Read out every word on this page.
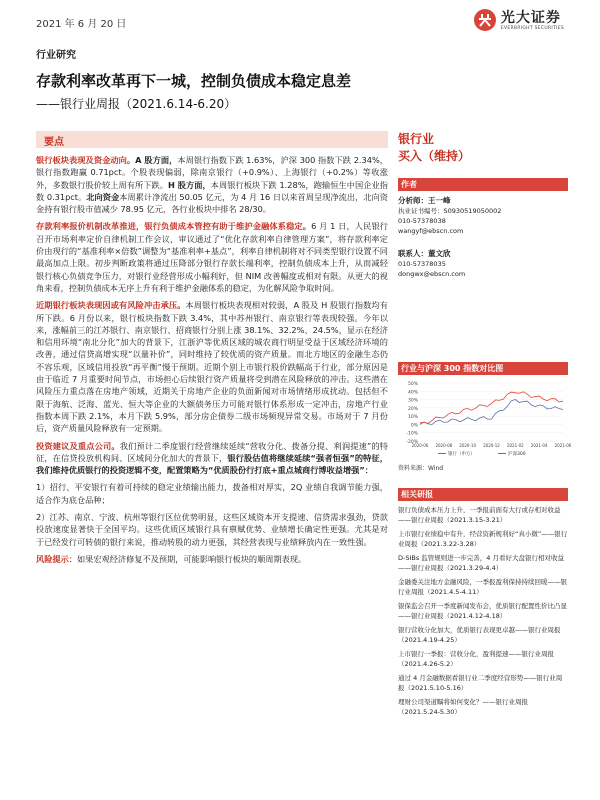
2021 年 6 月 20 日	光大证券
EVERBRIGHT SECURITIES
行业研究
存款利率改革再下一城，控制负债成本稳定息差
——银行业周报（2021.6.14-6.20）
要点

银行板块表现及资金动向。A 股方面，本周银行指数下跌 1.63%，沪深 300 指数下跌 2.34%，银行指数跑赢 0.71pct。个股表现偏弱，除南京银行（+0.9%）、上海银行（+0.2%）等收涨外，多数银行股价较上周有所下跌。H 股方面，本周银行板块下跌 1.28%，跑输恒生中国企业指数 0.31pct。北向资金本周累计净流出 50.05 亿元，为 4 月 16 日以来首周呈现净流出，北向资金持有银行股市值减少 78.95 亿元，各行业板块中排名 28/30。

存款利率报价机制改革推进，银行负债成本管控有助于维护金融体系稳定。6 月 1 日，人民银行召开市场利率定价自律机制工作会议，审议通过了“优化存款利率自律管理方案”，将存款利率定价由现行的“基准利率×倍数”调整为“基准利率+基点”，利率自律机制将对不同类型银行设置不同最高加点上限。初步判断政策将通过压降部分银行存款长端利率，控制负债成本上升，从而减轻银行核心负债竞争压力，对银行业经营形成小幅利好，但 NIM 改善幅度或相对有限。从更大的视角来看，控制负债成本无序上升有利于维护金融体系的稳定，为化解风险争取时间。

近期银行板块表现因或有风险冲击承压。本周银行板块表现相对较弱，A 股及 H 股银行指数均有所下跌。6 月份以来，银行板块指数下跌 3.4%，其中苏州银行、南京银行等表现较强。今年以来，涨幅前三的江苏银行、南京银行、招商银行分别上涨 38.1%、32.2%、24.5%，显示在经济和信用环境“南北分化”加大的背景下，江浙沪等优质区域的城农商行明显受益于区域经济环境的改善，通过信贷高增实现“以量补价”，同时维持了较优质的资产质量。而北方地区的金融生态仍不容乐观，区域信用投放“再平衡”慢于预期。近期个别上市银行股价跌幅高于行业，部分原因是由于临近 7 月重要时间节点，市场担心后续银行资产质量将受到潜在风险释放的冲击。这些潜在风险压力重点落在房地产领域，近期关于房地产企业的负面新闻对市场情绪形成扰动。包括但不限于海航、泛海、蓝光、恒大等企业的大额债务压力可能对银行体系形成一定冲击，房地产行业指数本周下跌 2.1%，本月下跌 5.9%，部分房企债券二级市场频现异常交易。市场对于 7 月份后，资产质量风险释放有一定预期。

投资建议及重点公司。我们预计二季度银行经营继续延续“营收分化、拨备分提、利润提速”的特征，在信贷投放机构间、区域间分化加大的背景下，银行股估值将继续延续“强者恒强”的特征，我们维持优质银行的投资逻辑不变，配置策略为“优质股份行打底+重点城商行博收益增强”：

1）招行、平安银行有着可持续的稳定业绩输出能力，拨备相对厚实，2Q 业绩自我调节能力强，适合作为底仓品种；

2）江苏、南京、宁波、杭州等银行区位优势明显，这些区域资本开支提速、信贷需求强劲，贷款投放速度显著快于全国平均。这些优质区域银行具有禀赋优势、业绩增长确定性更强。尤其是对于已经发行可转债的银行来说，推动转股的动力更强，其经营表现与业绩释放内在一致性强。

风险提示：如果宏观经济修复不及预期，可能影响银行板块的顺周期表现。

银行业
买入（维持）
作者
分析师：王一峰
执业证书编号：S0930519050002
010-57378038
wangyf@ebscn.com
联系人：董文欣
010-57378035
dongwx@ebscn.com
行业与沪深 300 指数对比图
-20%
-10%
0%
10%
20%
30%
40%
50%
2020-06 2020-08 2020-10 2020-12 2021-02 2021-04 2021-06
银行（申万）	沪深300
资料来源：Wind
相关研报
银行负债成本压力上升，一季报前面有大行或存相对收益——银行业周报（2021.3.15-3.21）
上市银行业绩稳中有升，经营资新规利好“真小微”——银行业周报（2021.3.22-3.28）
D-SIBs 监管规则进一步完善，4 月看好大盘银行相对收益——银行业周报（2021.3.29-4.4）
金融委关注地方金融风险，一季报盈利保持持续回暖——银行业周报（2021.4.5-4.11）
银保监会召开一季度新闻发布会，优质银行配置性价比凸显——银行业周报（2021.4.12-4.18）
银行营收分化加大，优质银行表现更卓越——银行业周报（2021.4.19-4.25）
上市银行一季报：营收分化，盈利提速——银行业周报（2021.4.26-5.2）
通过 4 月金融数据看银行业二季度经营形势——银行业周报（2021.5.10-5.16）
理财公司渠道瞩将如何变化？——银行业周报（2021.5.24-5.30）
